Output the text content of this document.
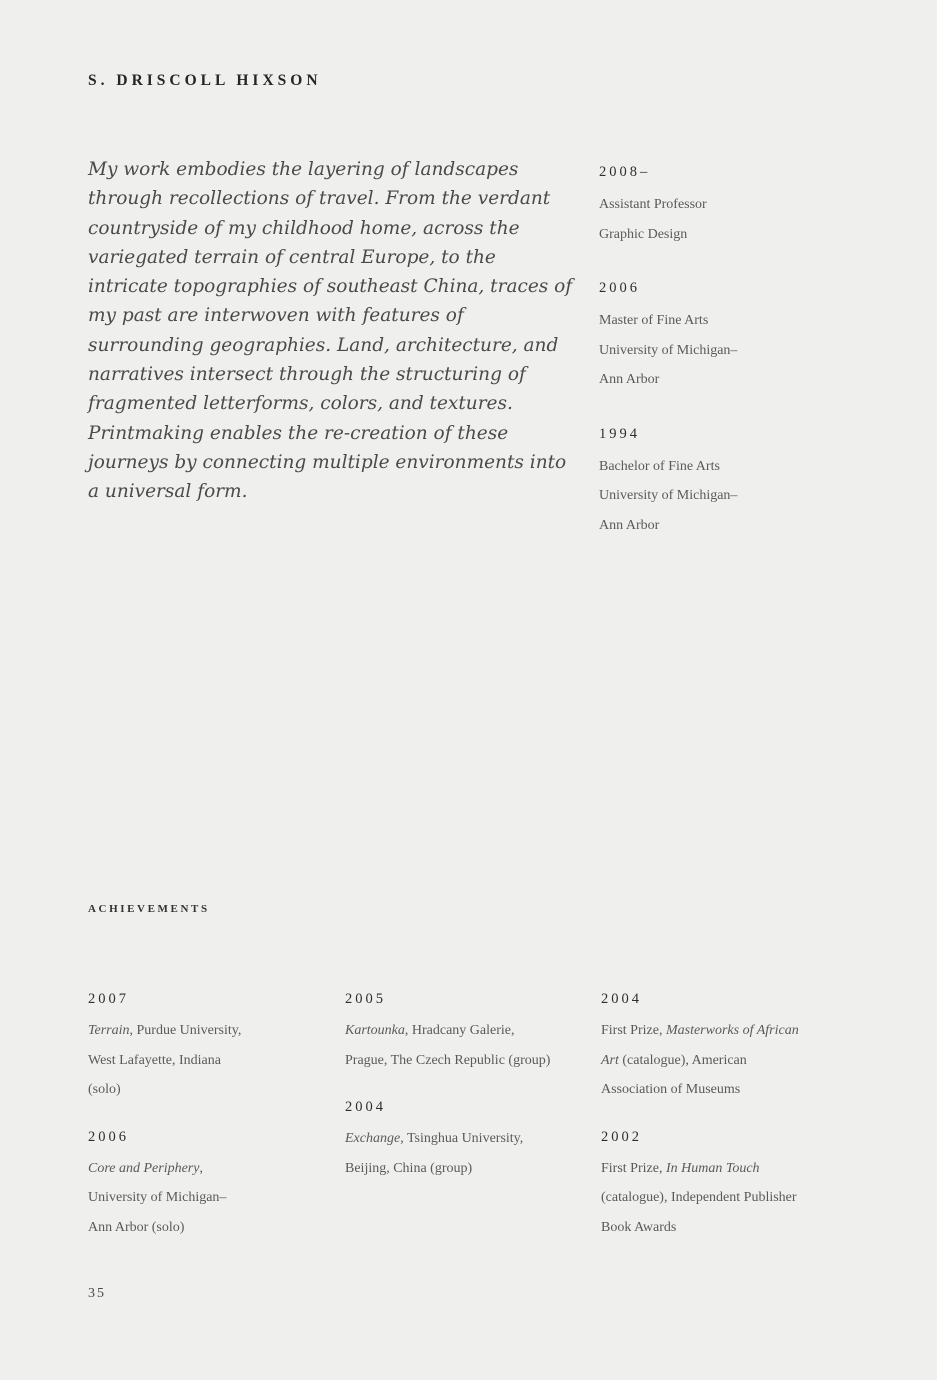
S. DRISCOLL HIXSON

My work embodies the layering of landscapes through recollections of travel. From the verdant countryside of my childhood home, across the variegated terrain of central Europe, to the intricate topographies of southeast China, traces of my past are interwoven with features of surrounding geographies. Land, architecture, and narratives intersect through the structuring of fragmented letterforms, colors, and textures. Printmaking enables the re-creation of these journeys by connecting multiple environments into a universal form.

2008–
Assistant Professor
Graphic Design
2006
Master of Fine Arts
University of Michigan–
Ann Arbor
1994
Bachelor of Fine Arts
University of Michigan–
Ann Arbor
ACHIEVEMENTS
2007
Terrain, Purdue University,
West Lafayette, Indiana
(solo)
2006
Core and Periphery,
University of Michigan–
Ann Arbor (solo)
2005
Kartounka, Hradcany Galerie,
Prague, The Czech Republic (group)
2004
Exchange, Tsinghua University,
Beijing, China (group)
2004
First Prize, Masterworks of African
Art (catalogue), American
Association of Museums
2002
First Prize, In Human Touch
(catalogue), Independent Publisher
Book Awards
35
